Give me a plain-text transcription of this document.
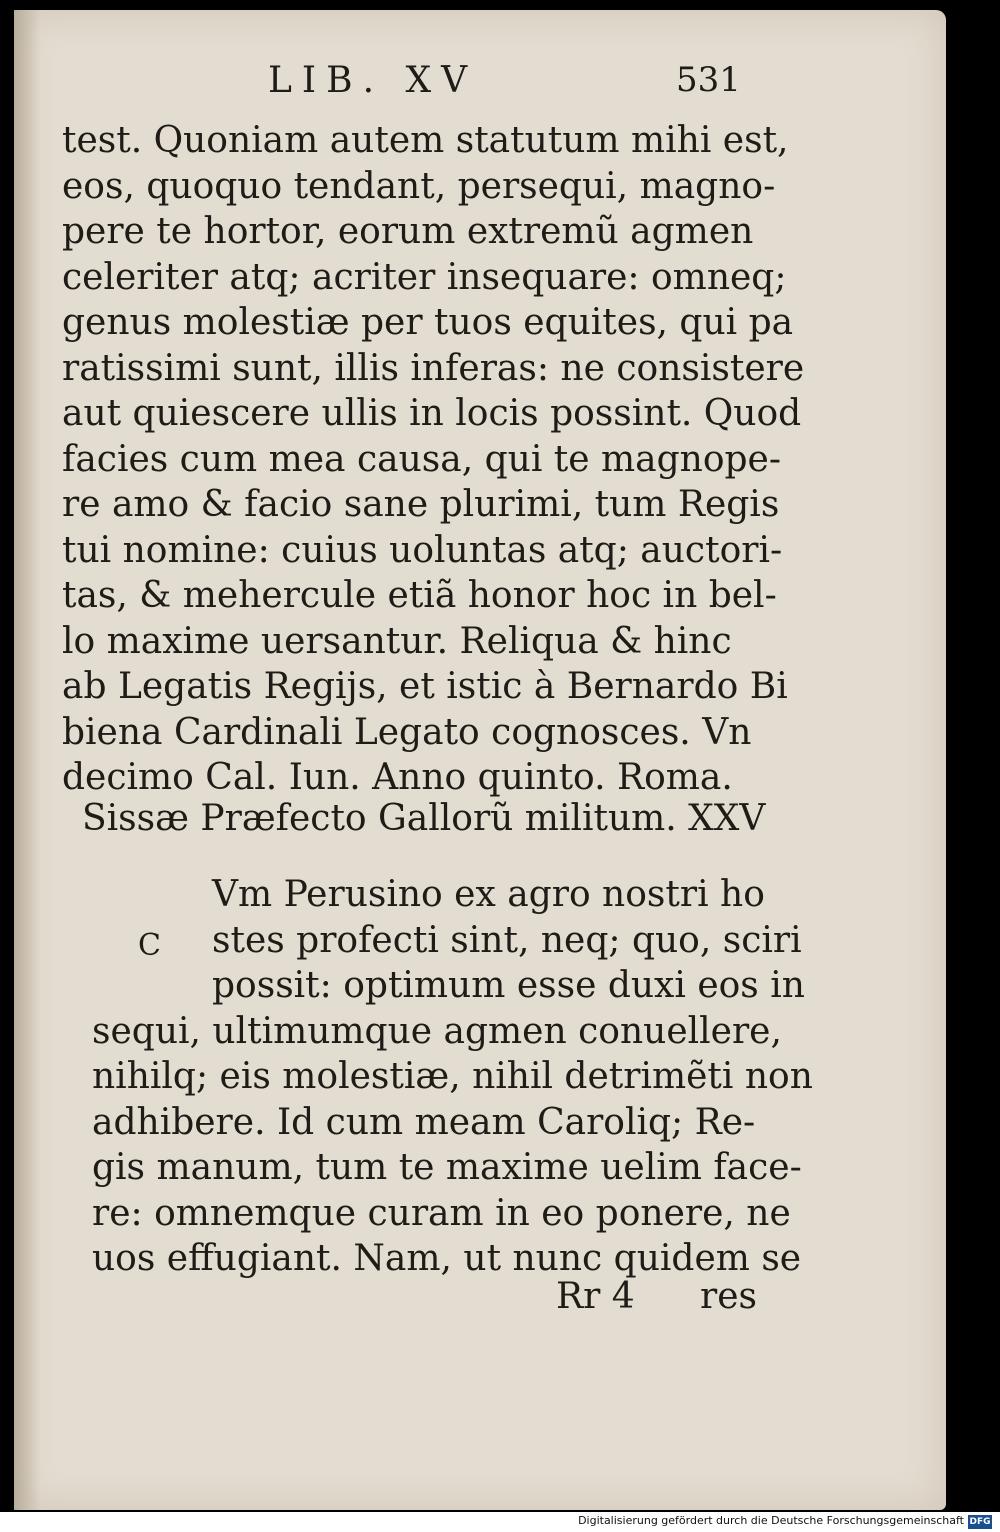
LIB. XV	531
test. Quoniam autem statutum mihi est,
eos, quoquo tendant, persequi, magno-
pere te hortor, eorum extremũ agmen
celeriter atq; acriter insequare: omneq;
genus molestiæ per tuos equites, qui pa
ratissimi sunt, illis inferas: ne consistere
aut quiescere ullis in locis possint. Quod
facies cum mea causa, qui te magnope-
re amo & facio sane plurimi, tum Regis
tui nomine: cuius uoluntas atq; auctori-
tas, & mehercule etiã honor hoc in bel-
lo maxime uersantur. Reliqua & hinc
ab Legatis Regijs, et istic à Bernardo Bi
biena Cardinali Legato cognosces. Vn
decimo Cal. Iun. Anno quinto. Roma.
Sissæ Præfecto Gallorũ militum. XXV
C
Vm Perusino ex agro nostri ho
stes profecti sint, neq; quo, sciri
possit: optimum esse duxi eos in
sequi, ultimumque agmen conuellere,
nihilq; eis molestiæ, nihil detrimẽti non
adhibere. Id cum meam Caroliq; Re-
gis manum, tum te maxime uelim face-
re: omnemque curam in eo ponere, ne
uos effugiant. Nam, ut nunc quidem se
Rr 4 res
Digitalisierung gefördert durch die Deutsche Forschungsgemeinschaft DFG
